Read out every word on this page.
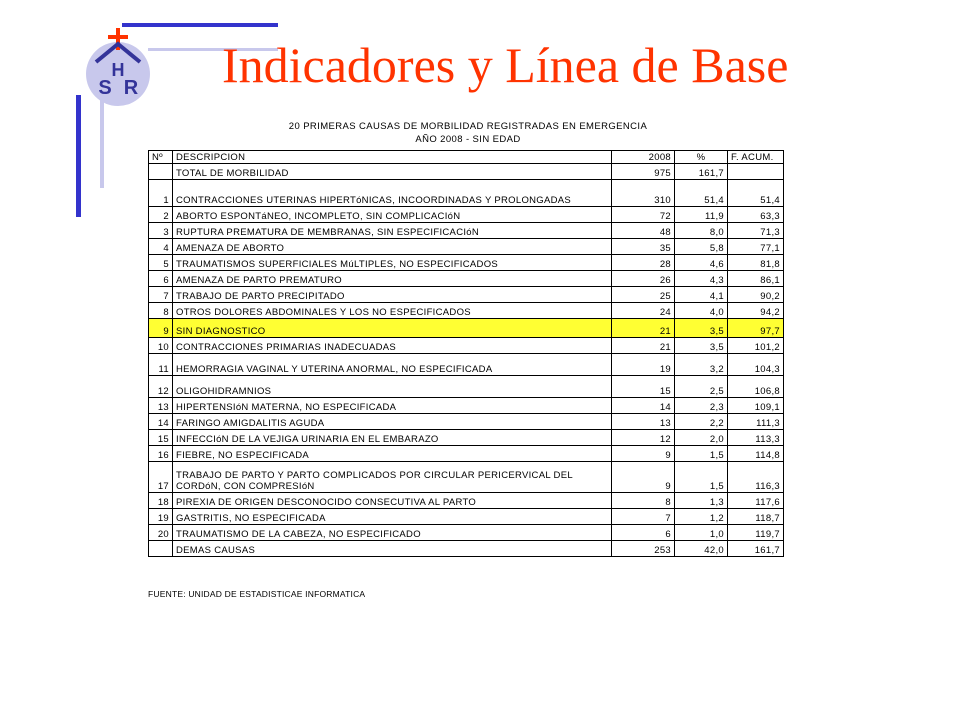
H
S R Indicadores y Línea de Base
20 PRIMERAS CAUSAS DE MORBILIDAD REGISTRADAS EN EMERGENCIA
AÑO 2008 - SIN EDAD
Nº	DESCRIPCION	2008	%	F. ACUM.
	TOTAL DE MORBILIDAD	975	161,7	
1	CONTRACCIONES UTERINAS HIPERTóNICAS, INCOORDINADAS Y PROLONGADAS	310	51,4	51,4
2	ABORTO ESPONTáNEO, INCOMPLETO, SIN COMPLICACIóN	72	11,9	63,3
3	RUPTURA PREMATURA DE MEMBRANAS, SIN ESPECIFICACIóN	48	8,0	71,3
4	AMENAZA DE ABORTO	35	5,8	77,1
5	TRAUMATISMOS SUPERFICIALES MúLTIPLES, NO ESPECIFICADOS	28	4,6	81,8
6	AMENAZA DE PARTO PREMATURO	26	4,3	86,1
7	TRABAJO DE PARTO PRECIPITADO	25	4,1	90,2
8	OTROS DOLORES ABDOMINALES Y LOS NO ESPECIFICADOS	24	4,0	94,2
9	SIN DIAGNOSTICO	21	3,5	97,7
10	CONTRACCIONES PRIMARIAS INADECUADAS	21	3,5	101,2
11	HEMORRAGIA VAGINAL Y UTERINA ANORMAL, NO ESPECIFICADA	19	3,2	104,3
12	OLIGOHIDRAMNIOS	15	2,5	106,8
13	HIPERTENSIóN MATERNA, NO ESPECIFICADA	14	2,3	109,1
14	FARINGO AMIGDALITIS AGUDA	13	2,2	111,3
15	INFECCIóN DE LA VEJIGA URINARIA EN EL EMBARAZO	12	2,0	113,3
16	FIEBRE, NO ESPECIFICADA	9	1,5	114,8
17	TRABAJO DE PARTO Y PARTO COMPLICADOS POR CIRCULAR PERICERVICAL DEL CORDóN, CON COMPRESIóN	9	1,5	116,3
18	PIREXIA DE ORIGEN DESCONOCIDO CONSECUTIVA AL PARTO	8	1,3	117,6
19	GASTRITIS, NO ESPECIFICADA	7	1,2	118,7
20	TRAUMATISMO DE LA CABEZA, NO ESPECIFICADO	6	1,0	119,7
	DEMAS CAUSAS	253	42,0	161,7
FUENTE: UNIDAD DE ESTADISTICAE INFORMATICA
